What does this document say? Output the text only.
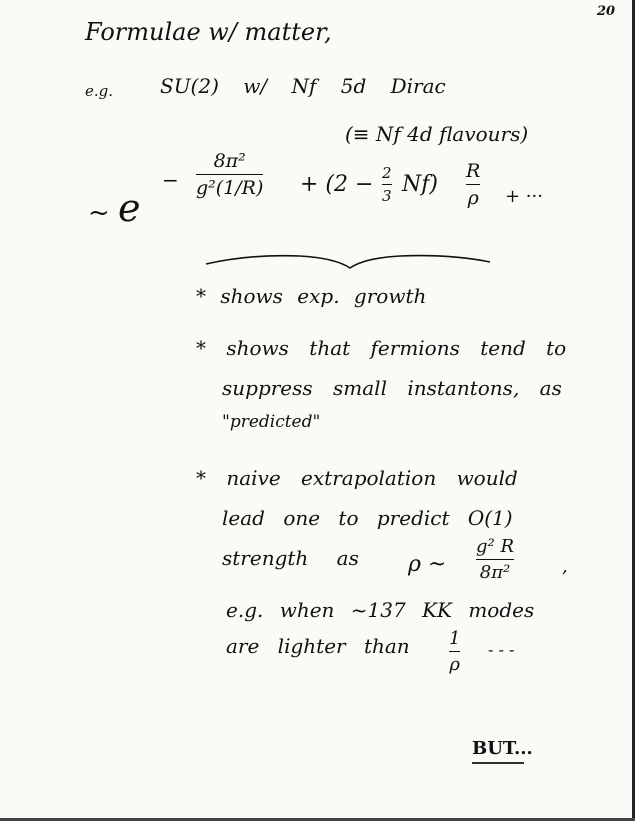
20
Formulae w/ matter,
e.g. SU(2) w/ Nf 5d Dirac
(≡ Nf 4d flavours)
~ e
−
8π²
g²(1/R) + (2 − 2
3 Nf)
R
ρ + ···
* shows exp. growth
* shows that fermions tend to
suppress small instantons, as
"predicted"
* naive extrapolation would
lead one to predict O(1)
strength as ρ ~
g² R
8π²	,
e.g. when ~137 KK modes
are lighter than 1
ρ
- - -
BUT...
